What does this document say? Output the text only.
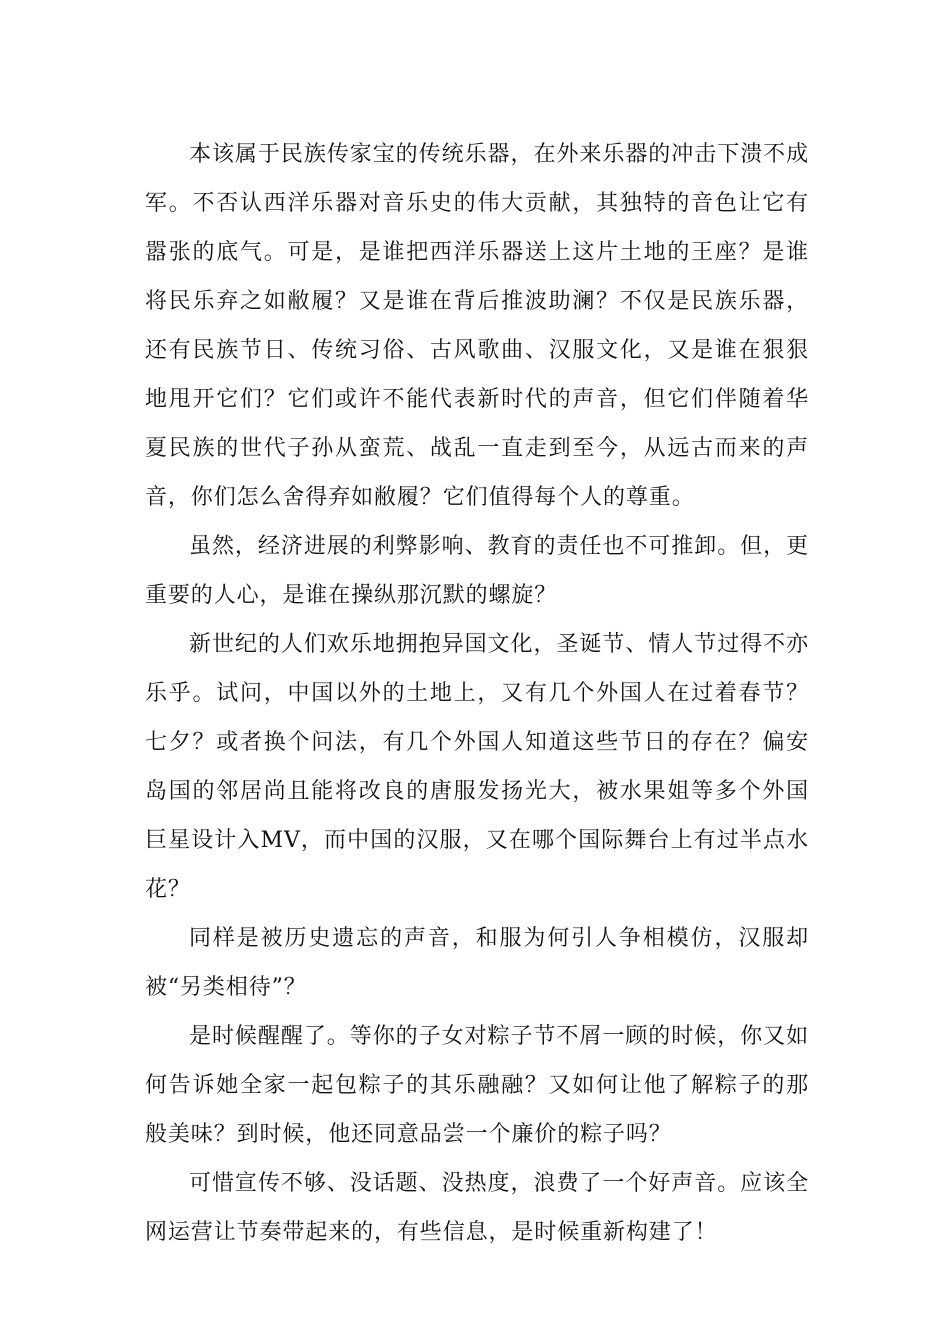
本该属于民族传家宝的传统乐器，在外来乐器的冲击下溃不成军。不否认西洋乐器对音乐史的伟大贡献，其独特的音色让它有嚣张的底气。可是，是谁把西洋乐器送上这片土地的王座？是谁将民乐弃之如敝履？又是谁在背后推波助澜？不仅是民族乐器，还有民族节日、传统习俗、古风歌曲、汉服文化，又是谁在狠狠地甩开它们？它们或许不能代表新时代的声音，但它们伴随着华夏民族的世代子孙从蛮荒、战乱一直走到至今，从远古而来的声音，你们怎么舍得弃如敝履？它们值得每个人的尊重。

虽然，经济进展的利弊影响、教育的责任也不可推卸。但，更重要的人心，是谁在操纵那沉默的螺旋？

新世纪的人们欢乐地拥抱异国文化，圣诞节、情人节过得不亦乐乎。试问，中国以外的土地上，又有几个外国人在过着春节？七夕？或者换个问法，有几个外国人知道这些节日的存在？偏安岛国的邻居尚且能将改良的唐服发扬光大，被水果姐等多个外国巨星设计入MV，而中国的汉服，又在哪个国际舞台上有过半点水花？

同样是被历史遗忘的声音，和服为何引人争相模仿，汉服却被“另类相待”？

是时候醒醒了。等你的子女对粽子节不屑一顾的时候，你又如何告诉她全家一起包粽子的其乐融融？又如何让他了解粽子的那般美味？到时候，他还同意品尝一个廉价的粽子吗？

可惜宣传不够、没话题、没热度，浪费了一个好声音。应该全网运营让节奏带起来的，有些信息，是时候重新构建了！
